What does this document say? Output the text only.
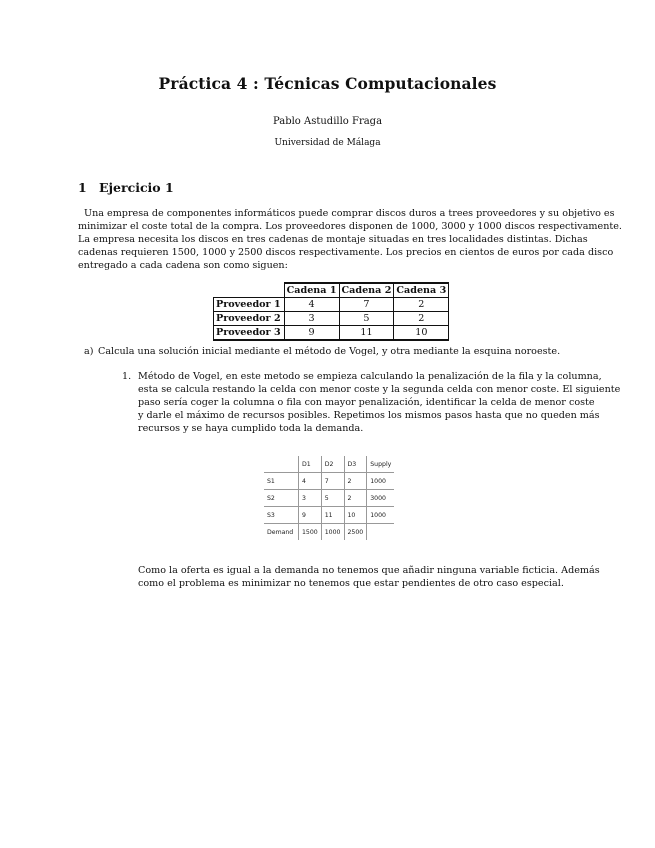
Práctica 4 : Técnicas Computacionales
Pablo Astudillo Fraga
Universidad de Málaga
1 Ejercicio 1
Una empresa de componentes informáticos puede comprar discos duros a trees proveedores y su objetivo es
minimizar el coste total de la compra. Los proveedores disponen de 1000, 3000 y 1000 discos respectivamente.
La empresa necesita los discos en tres cadenas de montaje situadas en tres localidades distintas. Dichas
cadenas requieren 1500, 1000 y 2500 discos respectivamente. Los precios en cientos de euros por cada disco
entregado a cada cadena son como siguen:
	Cadena 1	Cadena 2	Cadena 3
Proveedor 1	4	7	2
Proveedor 2	3	5	2
Proveedor 3	9	11	10
a) Calcula una solución inicial mediante el método de Vogel, y otra mediante la esquina noroeste.
1. Método de Vogel, en este metodo se empieza calculando la penalización de la fila y la columna,
esta se calcula restando la celda con menor coste y la segunda celda con menor coste. El siguiente
paso sería coger la columna o fila con mayor penalización, identificar la celda de menor coste
y darle el máximo de recursos posibles. Repetimos los mismos pasos hasta que no queden más
recursos y se haya cumplido toda la demanda.
	D1	D2	D3	Supply
S1	4	7	2	1000
S2	3	5	2	3000
S3	9	11	10	1000
Demand	1500	1000	2500	
Como la oferta es igual a la demanda no tenemos que añadir ninguna variable ficticia. Además
como el problema es minimizar no tenemos que estar pendientes de otro caso especial.
